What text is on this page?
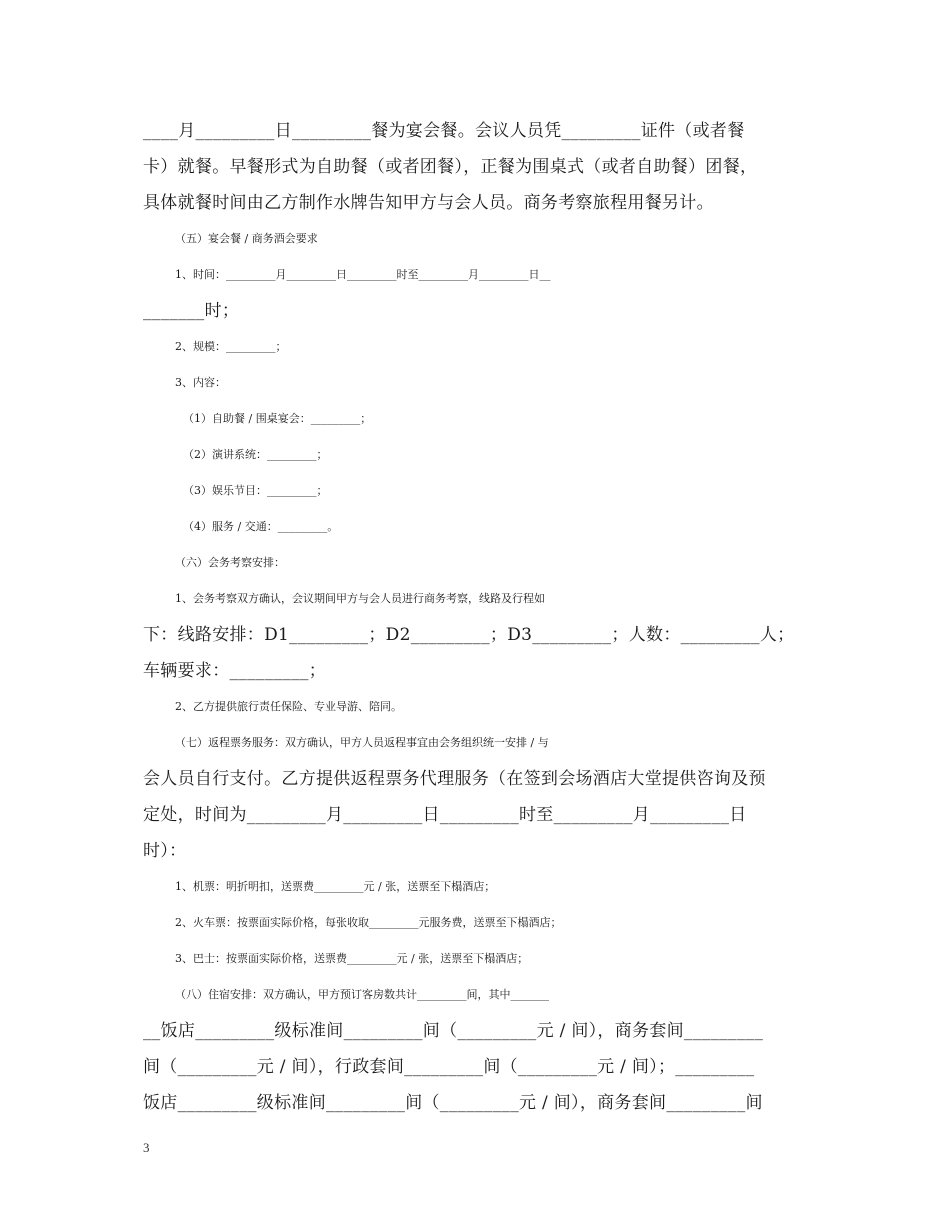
____月_________日_________餐为宴会餐。会议人员凭_________证件（或者餐
卡）就餐。早餐形式为自助餐（或者团餐），正餐为围桌式（或者自助餐）团餐，
具体就餐时间由乙方制作水牌告知甲方与会人员。商务考察旅程用餐另计。
（五）宴会餐 / 商务酒会要求
1、时间：_________月_________日_________时至_________月_________日__
_______时；
2、规模：_________；
3、内容：
（1）自助餐 / 围桌宴会：_________；
（2）演讲系统：_________；
（3）娱乐节目：_________；
（4）服务 / 交通：_________。
（六）会务考察安排：
1、会务考察双方确认，会议期间甲方与会人员进行商务考察，线路及行程如
下：线路安排：D1_________；D2_________；D3_________；人数：_________人；
车辆要求：_________；
2、乙方提供旅行责任保险、专业导游、陪同。
（七）返程票务服务：双方确认，甲方人员返程事宜由会务组织统一安排 / 与
会人员自行支付。乙方提供返程票务代理服务（在签到会场酒店大堂提供咨询及预
定处，时间为_________月_________日_________时至_________月_________日
时）：
1、机票：明折明扣，送票费_________元 / 张，送票至下榻酒店；
2、火车票：按票面实际价格，每张收取_________元服务费，送票至下榻酒店；
3、巴士：按票面实际价格，送票费_________元 / 张，送票至下榻酒店；
（八）住宿安排：双方确认，甲方预订客房数共计_________间，其中_______
__饭店_________级标准间_________间（_________元 / 间），商务套间_________
间（_________元 / 间），行政套间_________间（_________元 / 间）；_________
饭店_________级标准间_________间（_________元 / 间），商务套间_________间
3
